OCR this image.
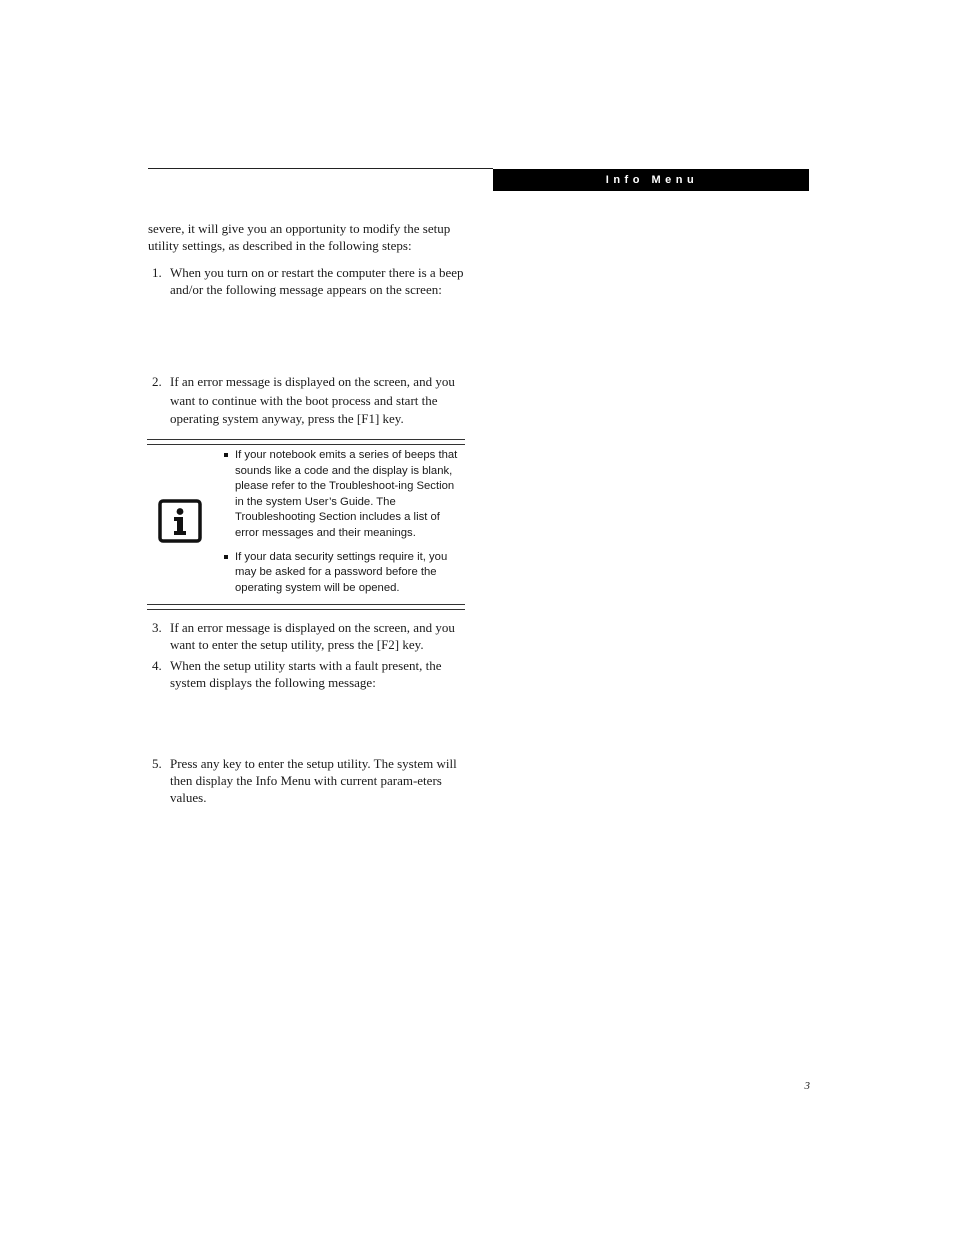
Info Menu

severe, it will give you an opportunity to modify the setup utility settings, as described in the following steps:

1. When you turn on or restart the computer there is a beep and/or the following message appears on the screen:
2. If an error message is displayed on the screen, and you want to continue with the boot process and start the operating system anyway, press the [F1] key.
If your notebook emits a series of beeps that sounds like a code and the display is blank, please refer to the Troubleshoot-ing Section in the system User’s Guide. The Troubleshooting Section includes a list of error messages and their meanings.
If your data security settings require it, you may be asked for a password before the operating system will be opened.
3. If an error message is displayed on the screen, and you want to enter the setup utility, press the [F2] key.
4. When the setup utility starts with a fault present, the system displays the following message:
5. Press any key to enter the setup utility. The system will then display the Info Menu with current param-eters values.
3
